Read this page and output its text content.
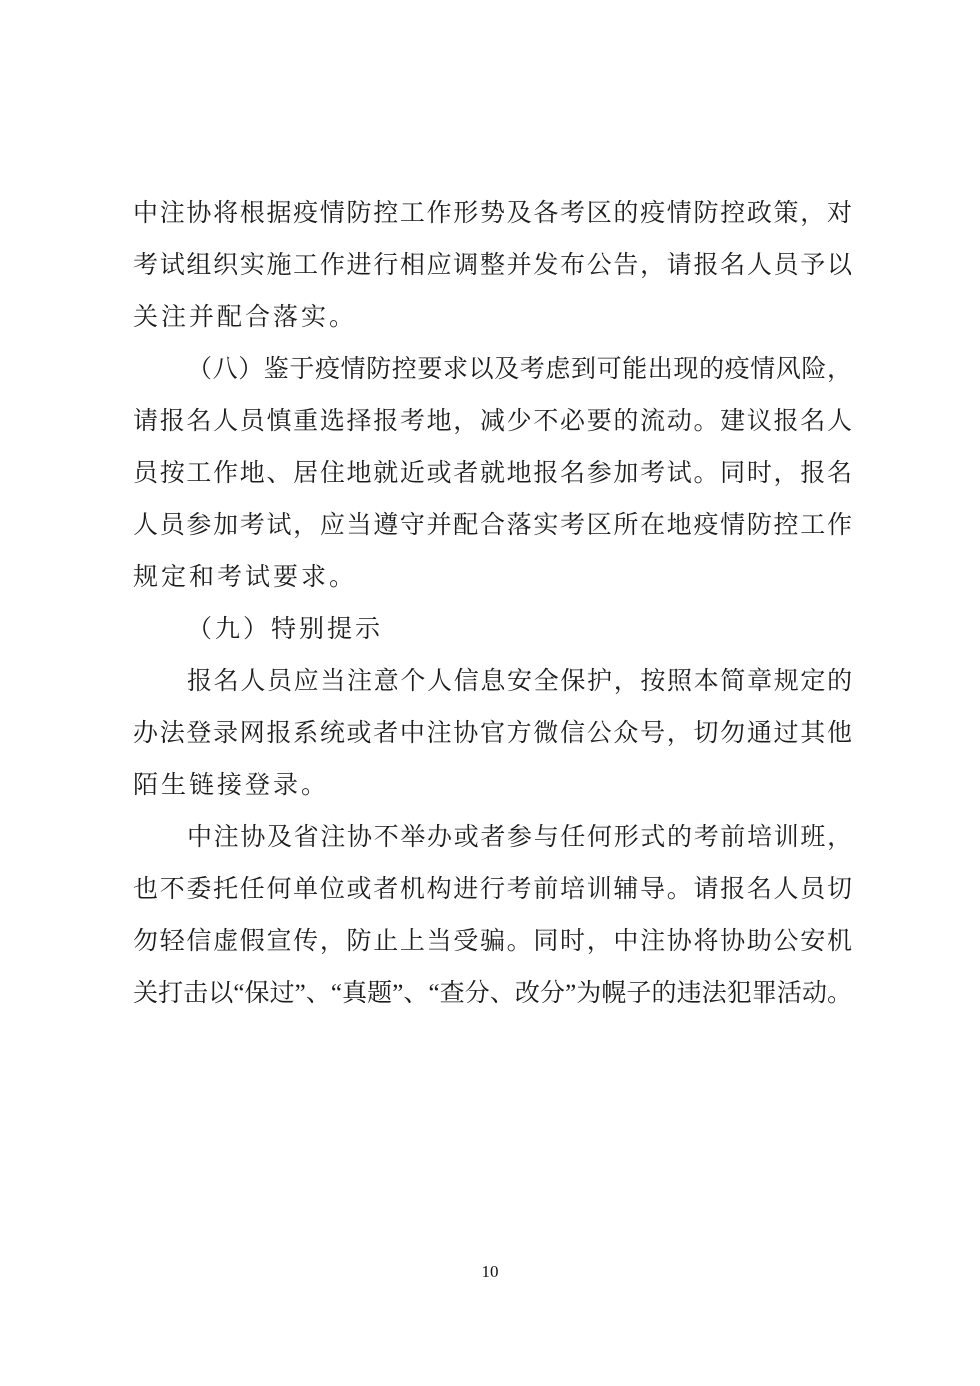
中注协将根据疫情防控工作形势及各考区的疫情防控政策，对
考试组织实施工作进行相应调整并发布公告，请报名人员予以
关注并配合落实。
（八）鉴于疫情防控要求以及考虑到可能出现的疫情风险，
请报名人员慎重选择报考地，减少不必要的流动。建议报名人
员按工作地、居住地就近或者就地报名参加考试。同时，报名
人员参加考试，应当遵守并配合落实考区所在地疫情防控工作
规定和考试要求。
（九）特别提示
报名人员应当注意个人信息安全保护，按照本简章规定的
办法登录网报系统或者中注协官方微信公众号，切勿通过其他
陌生链接登录。
中注协及省注协不举办或者参与任何形式的考前培训班，
也不委托任何单位或者机构进行考前培训辅导。请报名人员切
勿轻信虚假宣传，防止上当受骗。同时，中注协将协助公安机
关打击以“保过”、“真题”、“查分、改分”为幌子的违法犯罪活动。
10
